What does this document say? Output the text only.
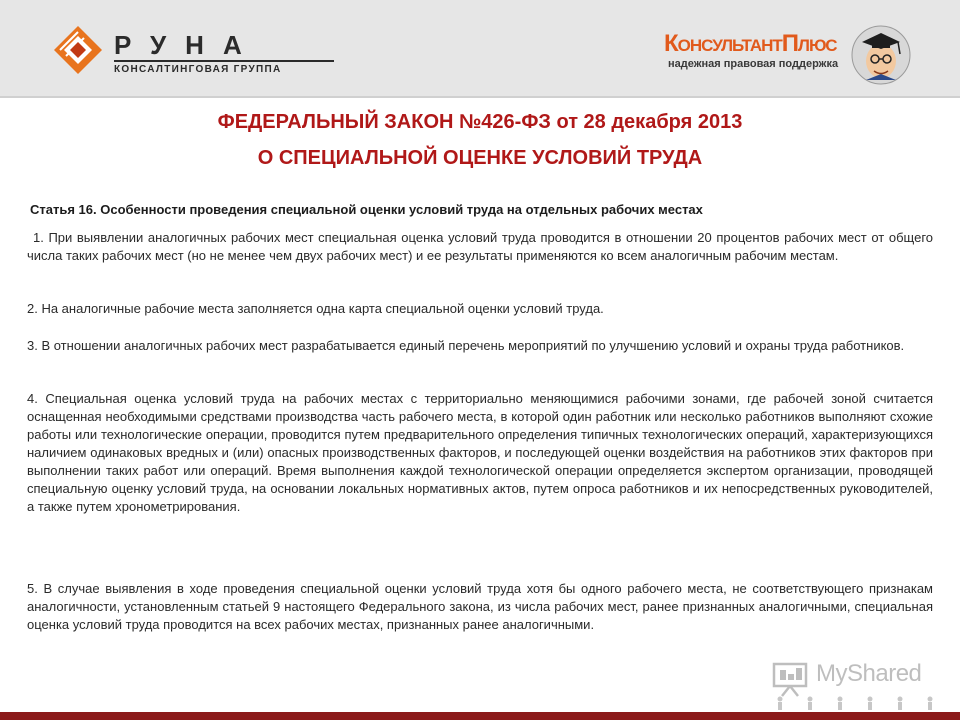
РУНА
КОНСАЛТИНГОВАЯ ГРУППА
КонсультантПлюс
надежная правовая поддержка
ФЕДЕРАЛЬНЫЙ ЗАКОН №426-ФЗ от 28 декабря 2013
О СПЕЦИАЛЬНОЙ ОЦЕНКЕ УСЛОВИЙ ТРУДА
Статья 16. Особенности проведения специальной оценки условий труда на отдельных рабочих местах
1. При выявлении аналогичных рабочих мест специальная оценка условий труда проводится в отношении 20 процентов рабочих мест от общего числа таких рабочих мест (но не менее чем двух рабочих мест) и ее результаты применяются ко всем аналогичным рабочим местам.
2. На аналогичные рабочие места заполняется одна карта специальной оценки условий труда.
3. В отношении аналогичных рабочих мест разрабатывается единый перечень мероприятий по улучшению условий и охраны труда работников.
4. Специальная оценка условий труда на рабочих местах с территориально меняющимися рабочими зонами, где рабочей зоной считается оснащенная необходимыми средствами производства часть рабочего места, в которой один работник или несколько работников выполняют схожие работы или технологические операции, проводится путем предварительного определения типичных технологических операций, характеризующихся наличием одинаковых вредных и (или) опасных производственных факторов, и последующей оценки воздействия на работников этих факторов при выполнении таких работ или операций. Время выполнения каждой технологической операции определяется экспертом организации, проводящей специальную оценку условий труда, на основании локальных нормативных актов, путем опроса работников и их непосредственных руководителей, а также путем хронометрирования.
5. В случае выявления в ходе проведения специальной оценки условий труда хотя бы одного рабочего места, не соответствующего признакам аналогичности, установленным статьей 9 настоящего Федерального закона, из числа рабочих мест, ранее признанных аналогичными, специальная оценка условий труда проводится на всех рабочих местах, признанных ранее аналогичными.
MyShared
